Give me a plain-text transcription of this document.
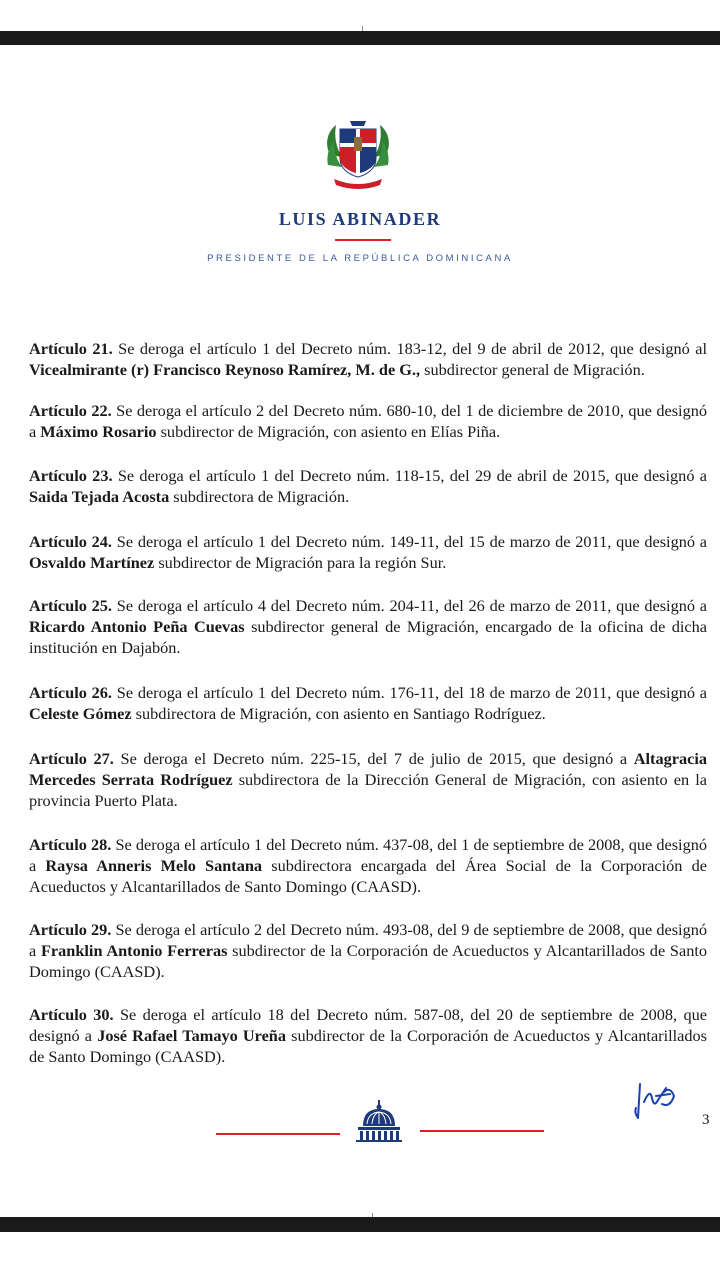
LUIS ABINADER
PRESIDENTE DE LA REPÚBLICA DOMINICANA

Artículo 21. Se deroga el artículo 1 del Decreto núm. 183-12, del 9 de abril de 2012, que designó al Vicealmirante (r) Francisco Reynoso Ramírez, M. de G., subdirector general de Migración.

Artículo 22. Se deroga el artículo 2 del Decreto núm. 680-10, del 1 de diciembre de 2010, que designó a Máximo Rosario subdirector de Migración, con asiento en Elías Piña.

Artículo 23. Se deroga el artículo 1 del Decreto núm. 118-15, del 29 de abril de 2015, que designó a Saida Tejada Acosta subdirectora de Migración.

Artículo 24. Se deroga el artículo 1 del Decreto núm. 149-11, del 15 de marzo de 2011, que designó a Osvaldo Martínez subdirector de Migración para la región Sur.

Artículo 25. Se deroga el artículo 4 del Decreto núm. 204-11, del 26 de marzo de 2011, que designó a Ricardo Antonio Peña Cuevas subdirector general de Migración, encargado de la oficina de dicha institución en Dajabón.

Artículo 26. Se deroga el artículo 1 del Decreto núm. 176-11, del 18 de marzo de 2011, que designó a Celeste Gómez subdirectora de Migración, con asiento en Santiago Rodríguez.

Artículo 27. Se deroga el Decreto núm. 225-15, del 7 de julio de 2015, que designó a Altagracia Mercedes Serrata Rodríguez subdirectora de la Dirección General de Migración, con asiento en la provincia Puerto Plata.

Artículo 28. Se deroga el artículo 1 del Decreto núm. 437-08, del 1 de septiembre de 2008, que designó a Raysa Anneris Melo Santana subdirectora encargada del Área Social de la Corporación de Acueductos y Alcantarillados de Santo Domingo (CAASD).

Artículo 29. Se deroga el artículo 2 del Decreto núm. 493-08, del 9 de septiembre de 2008, que designó a Franklin Antonio Ferreras subdirector de la Corporación de Acueductos y Alcantarillados de Santo Domingo (CAASD).

Artículo 30. Se deroga el artículo 18 del Decreto núm. 587-08, del 20 de septiembre de 2008, que designó a José Rafael Tamayo Ureña subdirector de la Corporación de Acueductos y Alcantarillados de Santo Domingo (CAASD).

3
